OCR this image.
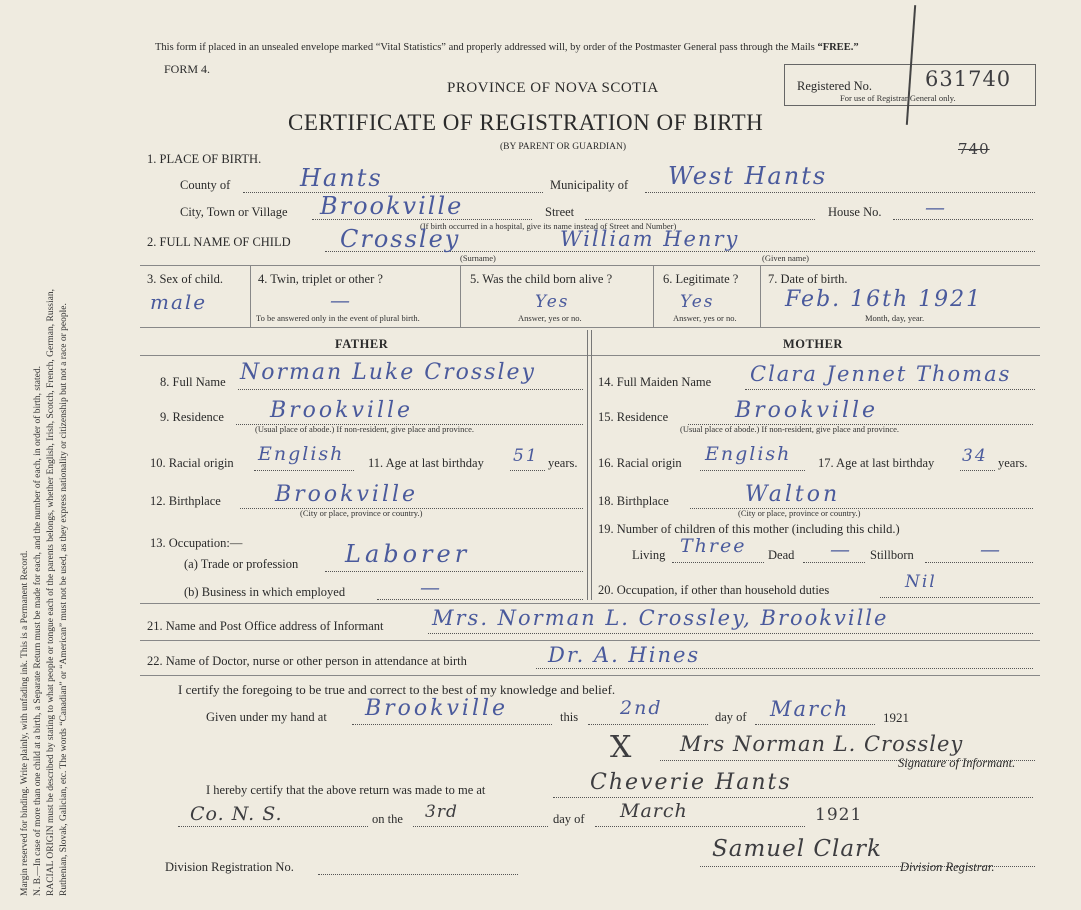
Margin reserved for binding. Write plainly, with unfading ink. This is a Permanent Record. N. B.—In case of more than one child at a birth, a Separate Return must be made for each, and the number of each, in order of birth, stated. RACIAL ORIGIN must be described by stating to what people or tongue each of the parents belongs, whether English, Irish, Scotch, French, German, Russian, Ruthenian, Slovak, Galician, etc. The words “Canadian” or “American” must not be used, as they express nationality or citizenship but not a race or people.
This form if placed in an unsealed envelope marked “Vital Statistics” and properly addressed will, by order of the Postmaster General pass through the Mails “FREE.”
FORM 4.
PROVINCE OF NOVA SCOTIA
CERTIFICATE OF REGISTRATION OF BIRTH
(BY PARENT OR GUARDIAN)
Registered No.	631740
For use of Registrar General only.
740
1. PLACE OF BIRTH.
County of	Hants	Municipality of West Hants
City, Town or Village Brookville	Street	House No. —
(If birth occurred in a hospital, give its name instead of Street and Number)
2. FULL NAME OF CHILD Crossley	William Henry
(Surname)	(Given name)
3. Sex of child.
male
4. Twin, triplet or other ?
—
To be answered only in the event of plural birth.
5. Was the child born alive ?
Yes
Answer, yes or no.
6. Legitimate ?
Yes
Answer, yes or no.
7. Date of birth.
Feb. 16th 1921
Month, day, year.
FATHER	MOTHER
8. Full Name Norman Luke Crossley
9. Residence Brookville
(Usual place of abode.) If non-resident, give place and province.
10. Racial origin English 11. Age at last birthday 51 years.
12. Birthplace Brookville
(City or place, province or country.)
13. Occupation:—
(a) Trade or profession Laborer
(b) Business in which employed	—
14. Full Maiden Name Clara Jennet Thomas
15. Residence	Brookville
(Usual place of abode.) If non-resident, give place and province.
16. Racial origin English 17. Age at last birthday 34 years.
18. Birthplace	Walton
(City or place, province or country.)
19. Number of children of this mother (including this child.)
Living Three Dead — Stillborn	—
20. Occupation, if other than household duties	Nil
21. Name and Post Office address of Informant Mrs. Norman L. Crossley, Brookville
22. Name of Doctor, nurse or other person in attendance at birth	Dr. A. Hines
I certify the foregoing to be true and correct to the best of my knowledge and belief.
Given under my hand at Brookville	this 2nd	day of March	1921
X Mrs Norman L. Crossley
Signature of Informant.
I hereby certify that the above return was made to me at	Cheverie Hants
Co. N. S.	on the 3rd	day of March	1921
Samuel Clark
Division Registration No.	Division Registrar.
